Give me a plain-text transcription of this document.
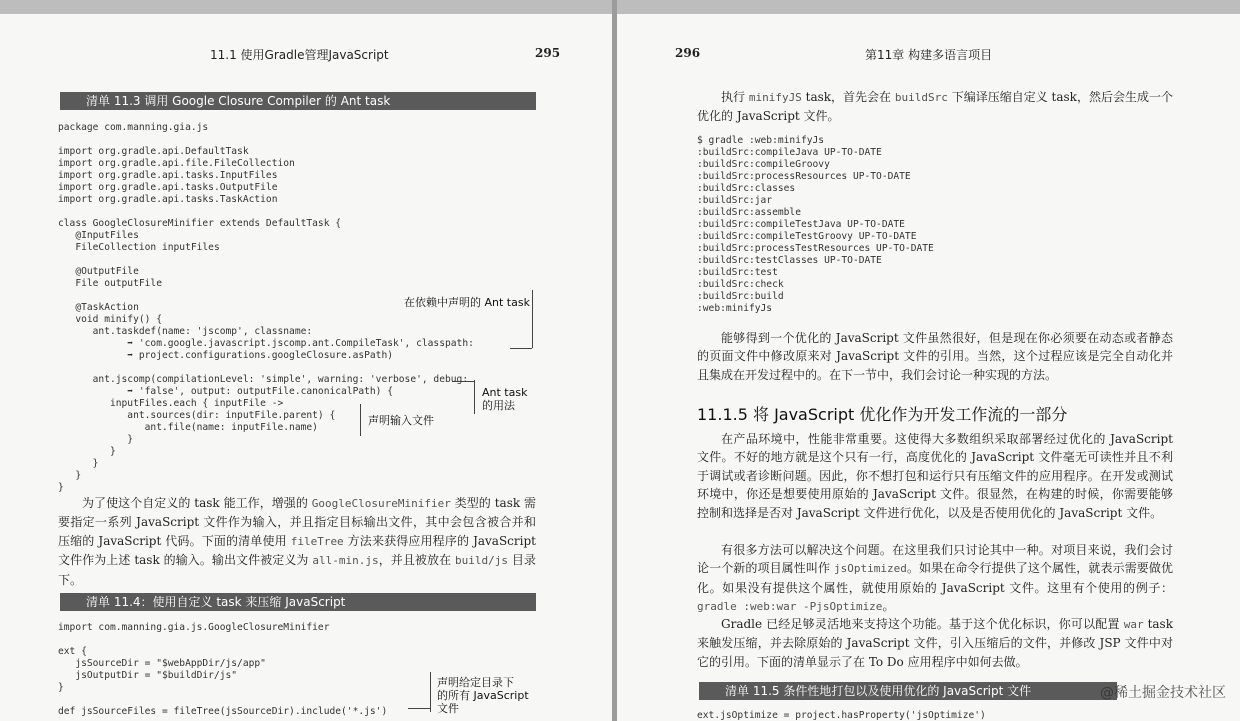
11.1 使用Gradle管理JavaScript	295
清单 11.3 调用 Google Closure Compiler 的 Ant task
package com.manning.gia.js

import org.gradle.api.DefaultTask
import org.gradle.api.file.FileCollection
import org.gradle.api.tasks.InputFiles
import org.gradle.api.tasks.OutputFile
import org.gradle.api.tasks.TaskAction

class GoogleClosureMinifier extends DefaultTask {
@InputFiles
FileCollection inputFiles

@OutputFile
File outputFile

@TaskAction
void minify() {
ant.taskdef(name: 'jscomp', classname:
➡ 'com.google.javascript.jscomp.ant.CompileTask', classpath:
➡ project.configurations.googleClosure.asPath)

ant.jscomp(compilationLevel: 'simple', warning: 'verbose', debug:
➡ 'false', output: outputFile.canonicalPath) {
inputFiles.each { inputFile ->
ant.sources(dir: inputFile.parent) {
ant.file(name: inputFile.name)
}
}
}
}
}
在依赖中声明的 Ant task
Ant task
的用法
声明输入文件

为了使这个自定义的 task 能工作，增强的 GoogleClosureMinifier 类型的 task 需要指定一系列 JavaScript 文件作为输入，并且指定目标输出文件，其中会包含被合并和压缩的 JavaScript 代码。下面的清单使用 fileTree 方法来获得应用程序的 JavaScript 文件作为上述 task 的输入。输出文件被定义为 all-min.js，并且被放在 build/js 目录下。

清单 11.4：使用自定义 task 来压缩 JavaScript
import com.manning.gia.js.GoogleClosureMinifier

ext {
jsSourceDir = "$webAppDir/js/app"
jsOutputDir = "$buildDir/js"
}

def jsSourceFiles = fileTree(jsSourceDir).include('*.js')
声明给定目录下
的所有 JavaScript
文件
296	第11章 构建多语言项目

执行 minifyJS task，首先会在 buildSrc 下编译压缩自定义 task，然后会生成一个优化的 JavaScript 文件。

$ gradle :web:minifyJs
:buildSrc:compileJava UP-TO-DATE
:buildSrc:compileGroovy
:buildSrc:processResources UP-TO-DATE
:buildSrc:classes
:buildSrc:jar
:buildSrc:assemble
:buildSrc:compileTestJava UP-TO-DATE
:buildSrc:compileTestGroovy UP-TO-DATE
:buildSrc:processTestResources UP-TO-DATE
:buildSrc:testClasses UP-TO-DATE
:buildSrc:test
:buildSrc:check
:buildSrc:build
:web:minifyJs

能够得到一个优化的 JavaScript 文件虽然很好，但是现在你必须要在动态或者静态的页面文件中修改原来对 JavaScript 文件的引用。当然，这个过程应该是完全自动化并且集成在开发过程中的。在下一节中，我们会讨论一种实现的方法。

11.1.5 将 JavaScript 优化作为开发工作流的一部分

在产品环境中，性能非常重要。这使得大多数组织采取部署经过优化的 JavaScript 文件。不好的地方就是这个只有一行，高度优化的 JavaScript 文件毫无可读性并且不利于调试或者诊断问题。因此，你不想打包和运行只有压缩文件的应用程序。在开发或测试环境中，你还是想要使用原始的 JavaScript 文件。很显然，在构建的时候，你需要能够控制和选择是否对 JavaScript 文件进行优化，以及是否使用优化的 JavaScript 文件。

有很多方法可以解决这个问题。在这里我们只讨论其中一种。对项目来说，我们会讨论一个新的项目属性叫作 jsOptimized。如果在命令行提供了这个属性，就表示需要做优化。如果没有提供这个属性，就使用原始的 JavaScript 文件。这里有个使用的例子：gradle :web:war -PjsOptimize。

Gradle 已经足够灵活地来支持这个功能。基于这个优化标识，你可以配置 war task 来触发压缩，并去除原始的 JavaScript 文件，引入压缩后的文件，并修改 JSP 文件中对它的引用。下面的清单显示了在 To Do 应用程序中如何去做。

清单 11.5 条件性地打包以及使用优化的 JavaScript 文件
ext.jsOptimize = project.hasProperty('jsOptimize')
@稀土掘金技术社区
